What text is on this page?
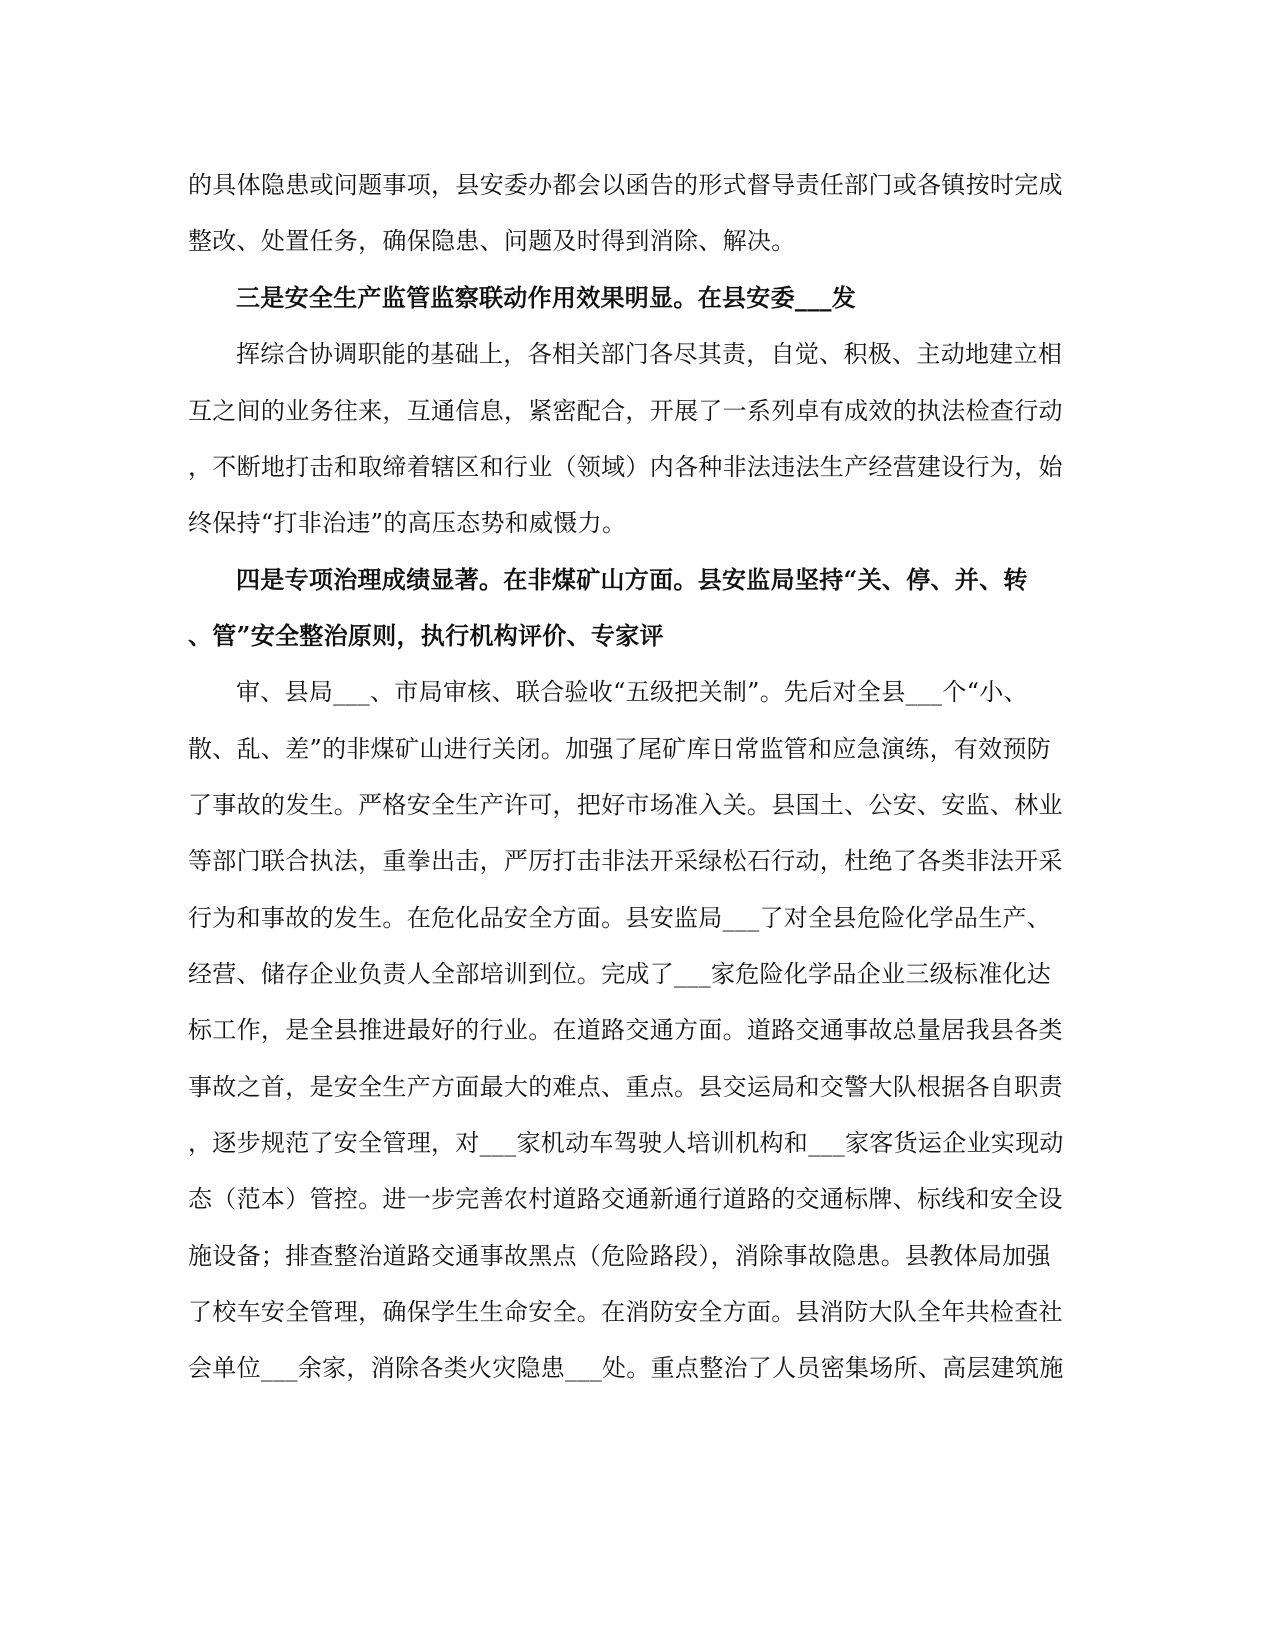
的具体隐患或问题事项，县安委办都会以函告的形式督导责任部门或各镇按时完成
整改、处置任务，确保隐患、问题及时得到消除、解决。
三是安全生产监管监察联动作用效果明显。在县安委___发
挥综合协调职能的基础上，各相关部门各尽其责，自觉、积极、主动地建立相
互之间的业务往来，互通信息，紧密配合，开展了一系列卓有成效的执法检查行动
，不断地打击和取缔着辖区和行业（领域）内各种非法违法生产经营建设行为，始
终保持“打非治违”的高压态势和威慑力。
四是专项治理成绩显著。在非煤矿山方面。县安监局坚持“关、停、并、转
、管”安全整治原则，执行机构评价、专家评
审、县局___、市局审核、联合验收“五级把关制”。先后对全县___个“小、
散、乱、差”的非煤矿山进行关闭。加强了尾矿库日常监管和应急演练，有效预防
了事故的发生。严格安全生产许可，把好市场准入关。县国土、公安、安监、林业
等部门联合执法，重拳出击，严厉打击非法开采绿松石行动，杜绝了各类非法开采
行为和事故的发生。在危化品安全方面。县安监局___了对全县危险化学品生产、
经营、储存企业负责人全部培训到位。完成了___家危险化学品企业三级标准化达
标工作，是全县推进最好的行业。在道路交通方面。道路交通事故总量居我县各类
事故之首，是安全生产方面最大的难点、重点。县交运局和交警大队根据各自职责
，逐步规范了安全管理，对___家机动车驾驶人培训机构和___家客货运企业实现动
态（范本）管控。进一步完善农村道路交通新通行道路的交通标牌、标线和安全设
施设备；排查整治道路交通事故黑点（危险路段），消除事故隐患。县教体局加强
了校车安全管理，确保学生生命安全。在消防安全方面。县消防大队全年共检查社
会单位___余家，消除各类火灾隐患___处。重点整治了人员密集场所、高层建筑施
